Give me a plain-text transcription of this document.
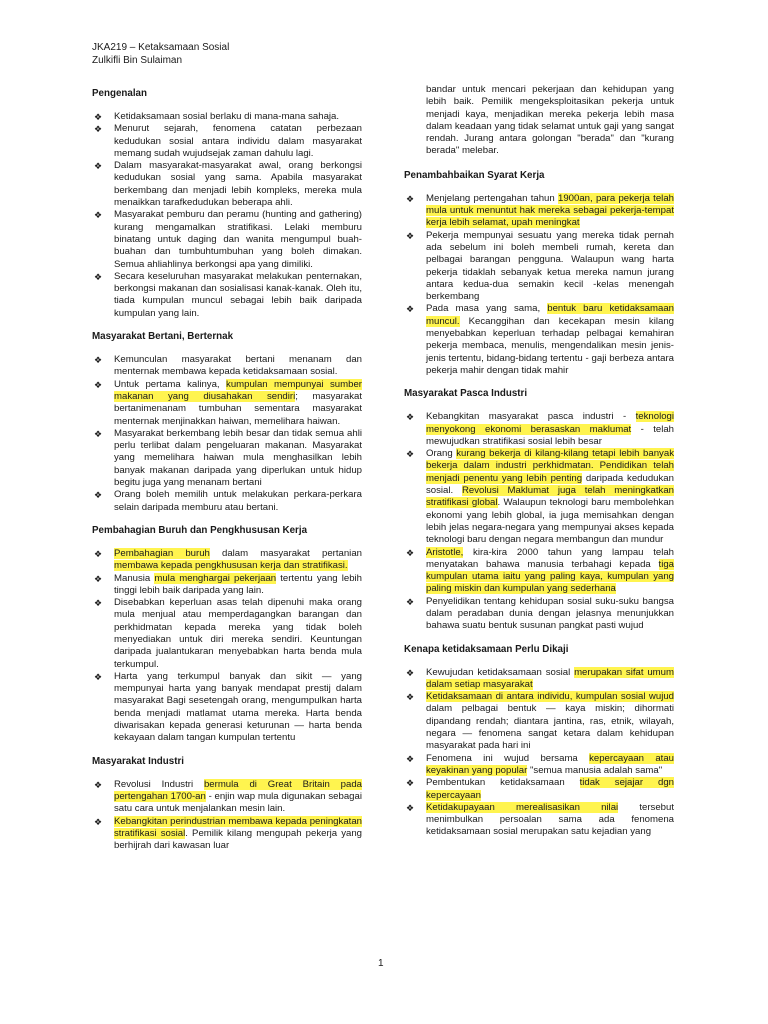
JKA219 – Ketaksamaan Sosial
Zulkifli Bin Sulaiman
Pengenalan
❖ Ketidaksamaan sosial berlaku di mana-mana sahaja.
❖ Menurut sejarah, fenomena catatan perbezaan kedudukan sosial antara individu dalam masyarakat memang sudah wujudsejak zaman dahulu lagi.
❖ Dalam masyarakat-masyarakat awal, orang berkongsi kedudukan sosial yang sama. Apabila masyarakat berkembang dan menjadi lebih kompleks, mereka mula menaikkan tarafkedudukan beberapa ahli.
❖ Masyarakat pemburu dan peramu (hunting and gathering) kurang mengamalkan stratifikasi. Lelaki memburu binatang untuk daging dan wanita mengumpul buah-buahan dan tumbuhtumbuhan yang boleh dimakan. Semua ahliahlinya berkongsi apa yang dimiliki.
❖ Secara keseluruhan masyarakat melakukan penternakan, berkongsi makanan dan sosialisasi kanak-kanak. Oleh itu, tiada kumpulan muncul sebagai lebih baik daripada kumpulan yang lain.
Masyarakat Bertani, Berternak
❖ Kemunculan masyarakat bertani menanam dan menternak membawa kepada ketidaksamaan sosial.
❖ Untuk pertama kalinya, kumpulan mempunyai sumber makanan yang diusahakan sendiri; masyarakat bertanimenanam tumbuhan sementara masyarakat menternak menjinakkan haiwan, memelihara haiwan.
❖ Masyarakat berkembang lebih besar dan tidak semua ahli perlu terlibat dalam pengeluaran makanan. Masyarakat yang memelihara haiwan mula menghasilkan lebih banyak makanan daripada yang diperlukan untuk hidup begitu juga yang menanam bertani
❖ Orang boleh memilih untuk melakukan perkara-perkara selain daripada memburu atau bertani.
Pembahagian Buruh dan Pengkhususan Kerja
❖ Pembahagian buruh dalam masyarakat pertanian membawa kepada pengkhususan kerja dan stratifikasi.
❖ Manusia mula menghargai pekerjaan tertentu yang lebih tinggi lebih baik daripada yang lain.
❖ Disebabkan keperluan asas telah dipenuhi maka orang mula menjual atau memperdagangkan barangan dan perkhidmatan kepada mereka yang tidak boleh menyediakan untuk diri mereka sendiri. Keuntungan daripada jualantukaran menyebabkan harta benda mula terkumpul.
❖ Harta yang terkumpul banyak dan sikit — yang mempunyai harta yang banyak mendapat prestij dalam masyarakat Bagi sesetengah orang, mengumpulkan harta benda menjadi matlamat utama mereka. Harta benda diwarisakan kepada generasi keturunan — harta benda kekayaan dalam tangan kumpulan tertentu
Masyarakat Industri
❖ Revolusi Industri bermula di Great Britain pada pertengahan 1700-an - enjin wap mula digunakan sebagai satu cara untuk menjalankan mesin lain.
❖ Kebangkitan perindustrian membawa kepada peningkatan stratifikasi sosial. Pemilik kilang mengupah pekerja yang berhijrah dari kawasan luar

bandar untuk mencari pekerjaan dan kehidupan yang lebih baik. Pemilik mengeksploitasikan pekerja untuk menjadi kaya, menjadikan mereka pekerja lebih masa dalam keadaan yang tidak selamat untuk gaji yang sangat rendah. Jurang antara golongan "berada" dan "kurang berada" melebar.

Penambahbaikan Syarat Kerja
❖ Menjelang pertengahan tahun 1900an, para pekerja telah mula untuk menuntut hak mereka sebagai pekerja-tempat kerja lebih selamat, upah meningkat
❖ Pekerja mempunyai sesuatu yang mereka tidak pernah ada sebelum ini boleh membeli rumah, kereta dan pelbagai barangan pengguna. Walaupun wang harta pekerja tidaklah sebanyak ketua mereka namun jurang antara kedua-dua semakin kecil -kelas menengah berkembang
❖ Pada masa yang sama, bentuk baru ketidaksamaan muncul. Kecanggihan dan kecekapan mesin kilang menyebabkan keperluan terhadap pelbagai kemahiran pekerja membaca, menulis, mengendalikan mesin jenis-jenis tertentu, bidang-bidang tertentu - gaji berbeza antara pekerja mahir dengan tidak mahir
Masyarakat Pasca Industri
❖ Kebangkitan masyarakat pasca industri - teknologi menyokong ekonomi berasaskan maklumat - telah mewujudkan stratifikasi sosial lebih besar
❖ Orang kurang bekerja di kilang-kilang tetapi lebih banyak bekerja dalam industri perkhidmatan. Pendidikan telah menjadi penentu yang lebih penting daripada kedudukan sosial. Revolusi Maklumat juga telah meningkatkan stratifikasi global. Walaupun teknologi baru membolehkan ekonomi yang lebih global, ia juga memisahkan dengan lebih jelas negara-negara yang mempunyai akses kepada teknologi baru dengan negara membangun dan mundur
❖ Aristotle, kira-kira 2000 tahun yang lampau telah menyatakan bahawa manusia terbahagi kepada tiga kumpulan utama iaitu yang paling kaya, kumpulan yang paling miskin dan kumpulan yang sederhana
❖ Penyelidikan tentang kehidupan sosial suku-suku bangsa dalam peradaban dunia dengan jelasnya menunjukkan bahawa suatu bentuk susunan pangkat pasti wujud
Kenapa ketidaksamaan Perlu Dikaji
❖ Kewujudan ketidaksamaan sosial merupakan sifat umum dalam setiap masyarakat
❖ Ketidaksamaan di antara individu, kumpulan sosial wujud dalam pelbagai bentuk — kaya miskin; dihormati dipandang rendah; diantara jantina, ras, etnik, wilayah, negara — fenomena sangat ketara dalam kehidupan masyarakat pada hari ini
❖ Fenomena ini wujud bersama kepercayaan atau keyakinan yang popular "semua manusia adalah sama"
❖ Pembentukan ketidaksamaan tidak sejajar dgn kepercayaan
❖ Ketidakupayaan merealisasikan nilai tersebut menimbulkan persoalan sama ada fenomena ketidaksamaan sosial merupakan satu kejadian yang
1
